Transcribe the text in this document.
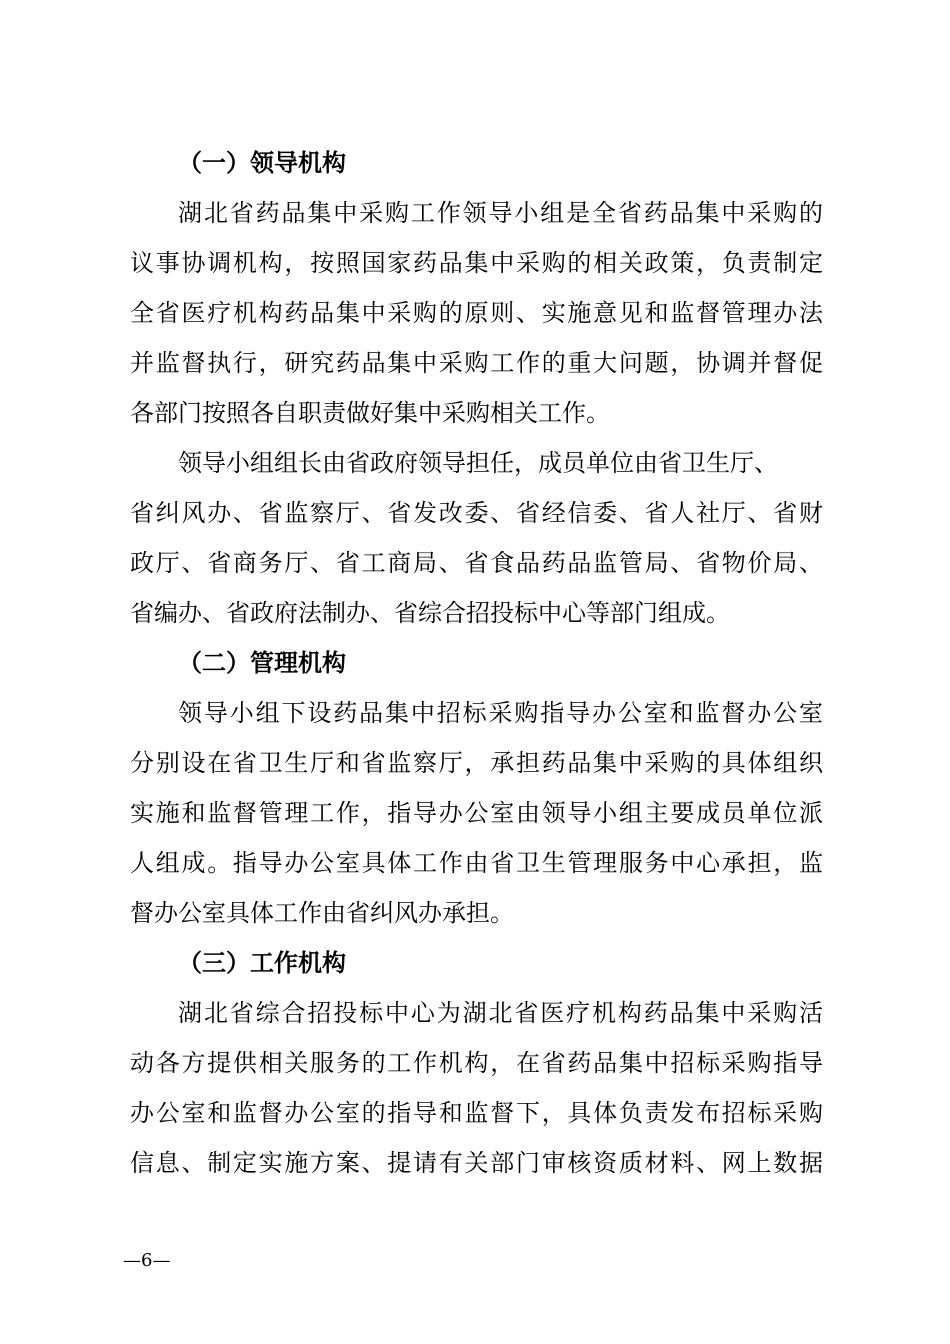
（一）领导机构
湖北省药品集中采购工作领导小组是全省药品集中采购的
议事协调机构，按照国家药品集中采购的相关政策，负责制定
全省医疗机构药品集中采购的原则、实施意见和监督管理办法
并监督执行，研究药品集中采购工作的重大问题，协调并督促
各部门按照各自职责做好集中采购相关工作。
领导小组组长由省政府领导担任，成员单位由省卫生厅、
省纠风办、省监察厅、省发改委、省经信委、省人社厅、省财
政厅、省商务厅、省工商局、省食品药品监管局、省物价局、
省编办、省政府法制办、省综合招投标中心等部门组成。
（二）管理机构
领导小组下设药品集中招标采购指导办公室和监督办公室
分别设在省卫生厅和省监察厅，承担药品集中采购的具体组织
实施和监督管理工作，指导办公室由领导小组主要成员单位派
人组成。指导办公室具体工作由省卫生管理服务中心承担，监
督办公室具体工作由省纠风办承担。
（三）工作机构
湖北省综合招投标中心为湖北省医疗机构药品集中采购活
动各方提供相关服务的工作机构，在省药品集中招标采购指导
办公室和监督办公室的指导和监督下，具体负责发布招标采购
信息、制定实施方案、提请有关部门审核资质材料、网上数据
—6—
